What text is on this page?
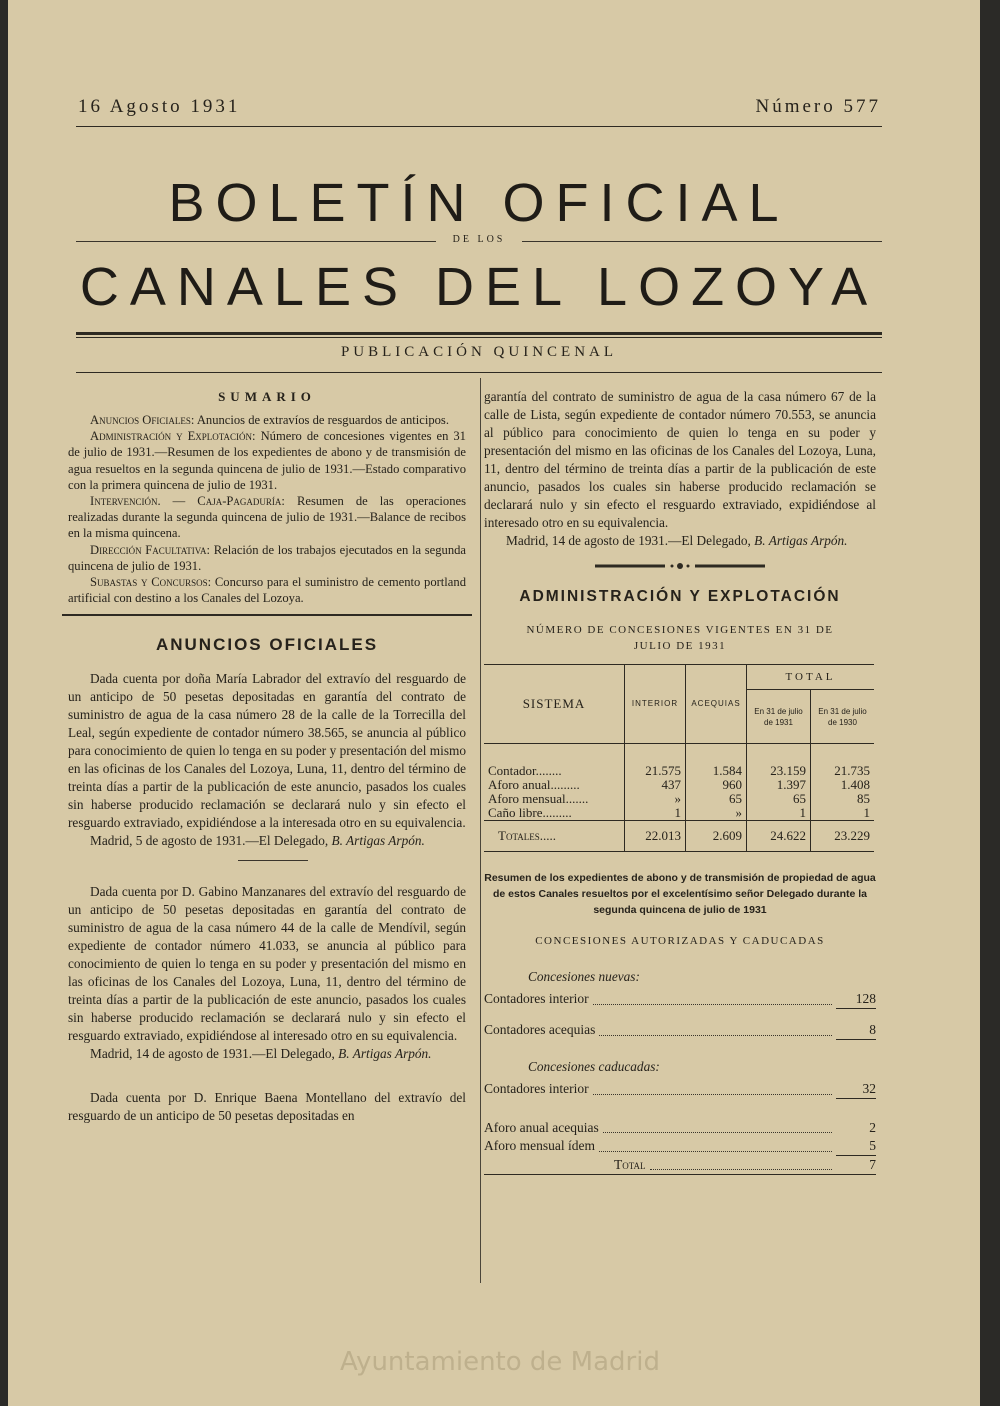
16 Agosto 1931	Número 577
BOLETÍN OFICIAL
DE LOS
CANALES DEL LOZOYA
PUBLICACIÓN QUINCENAL
SUMARIO

Anuncios Oficiales: Anuncios de extravíos de resguardos de anticipos.

Administración y Explotación: Número de concesiones vigentes en 31 de julio de 1931.—Resumen de los expedientes de abono y de transmisión de agua resueltos en la segunda quincena de julio de 1931.—Estado comparativo con la primera quincena de julio de 1931.

Intervención. — Caja-Pagaduría: Resumen de las operaciones realizadas durante la segunda quincena de julio de 1931.—Balance de recibos en la misma quincena.

Dirección Facultativa: Relación de los trabajos ejecutados en la segunda quincena de julio de 1931.

Subastas y Concursos: Concurso para el suministro de cemento portland artificial con destino a los Canales del Lozoya.

ANUNCIOS OFICIALES

Dada cuenta por doña María Labrador del extravío del resguardo de un anticipo de 50 pesetas depositadas en garantía del contrato de suministro de agua de la casa número 28 de la calle de la Torrecilla del Leal, según expediente de contador número 38.565, se anuncia al público para conocimiento de quien lo tenga en su poder y presentación del mismo en las oficinas de los Canales del Lozoya, Luna, 11, dentro del término de treinta días a partir de la publicación de este anuncio, pasados los cuales sin haberse producido reclamación se declarará nulo y sin efecto el resguardo extraviado, expidiéndose a la interesada otro en su equivalencia.

Madrid, 5 de agosto de 1931.—El Delegado, B. Artigas Arpón.

Dada cuenta por D. Gabino Manzanares del extravío del resguardo de un anticipo de 50 pesetas depositadas en garantía del contrato de suministro de agua de la casa número 44 de la calle de Mendívil, según expediente de contador número 41.033, se anuncia al público para conocimiento de quien lo tenga en su poder y presentación del mismo en las oficinas de los Canales del Lozoya, Luna, 11, dentro del término de treinta días a partir de la publicación de este anuncio, pasados los cuales sin haberse producido reclamación se declarará nulo y sin efecto el resguardo extraviado, expidiéndose al interesado otro en su equivalencia.

Madrid, 14 de agosto de 1931.—El Delegado, B. Artigas Arpón.

Dada cuenta por D. Enrique Baena Montellano del extravío del resguardo de un anticipo de 50 pesetas depositadas en

garantía del contrato de suministro de agua de la casa número 67 de la calle de Lista, según expediente de contador número 70.553, se anuncia al público para conocimiento de quien lo tenga en su poder y presentación del mismo en las oficinas de los Canales del Lozoya, Luna, 11, dentro del término de treinta días a partir de la publicación de este anuncio, pasados los cuales sin haberse producido reclamación se declarará nulo y sin efecto el resguardo extraviado, expidiéndose al interesado otro en su equivalencia.

Madrid, 14 de agosto de 1931.—El Delegado, B. Artigas Arpón.

ADMINISTRACIÓN Y EXPLOTACIÓN
NÚMERO DE CONCESIONES VIGENTES EN 31 DE JULIO DE 1931
SISTEMA	INTERIOR	ACEQUIAS	TOTAL	
			En 31 de julio de 1931	En 31 de julio de 1930

Contador........	21.575	1.584	23.159	21.735
Aforo anual.........	437	960	1.397	1.408
Aforo mensual.......	»	65	65	85
Caño libre.........	1	»	1	1
Totales.....	22.013	2.609	24.622	23.229
Resumen de los expedientes de abono y de transmisión de propiedad de agua de estos Canales resueltos por el excelentísimo señor Delegado durante la segunda quincena de julio de 1931
CONCESIONES AUTORIZADAS Y CADUCADAS
Concesiones nuevas:
Contadores interior	128
Contadores acequias	8
Concesiones caducadas:
Contadores interior	32
Aforo anual acequias	2
Aforo mensual ídem	5
Total	7
Ayuntamiento de Madrid
